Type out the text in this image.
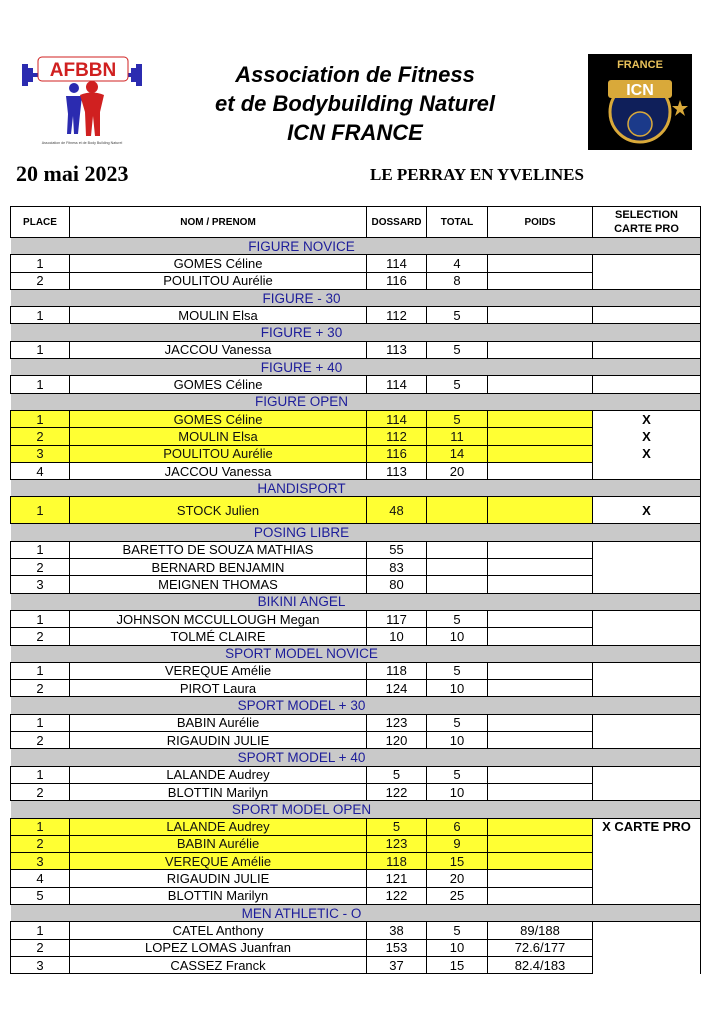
AFBBN
Association de Fitness et de Body Building Naturel
Association de Fitness
et de Bodybuilding Naturel
ICN FRANCE
FRANCE
ICN
20 mai 2023	LE PERRAY EN YVELINES
PLACE	NOM / PRENOM	DOSSARD	TOTAL	POIDS	SELECTION
CARTE PRO
FIGURE NOVICE					
1	GOMES Céline	114	4		
2	POULITOU Aurélie	116	8		
FIGURE - 30					
1	MOULIN Elsa	112	5		
FIGURE + 30					
1	JACCOU Vanessa	113	5		
FIGURE + 40					
1	GOMES Céline	114	5		
FIGURE OPEN					
1	GOMES Céline	114	5		X
2	MOULIN Elsa	112	11		X
3	POULITOU Aurélie	116	14		X
4	JACCOU Vanessa	113	20		
HANDISPORT					
1	STOCK Julien	48			X
POSING LIBRE					
1	BARETTO DE SOUZA MATHIAS	55			
2	BERNARD BENJAMIN	83			
3	MEIGNEN THOMAS	80			
BIKINI ANGEL					
1	JOHNSON MCCULLOUGH Megan	117	5		
2	TOLMÉ CLAIRE	10	10		
SPORT MODEL NOVICE					
1	VEREQUE Amélie	118	5		
2	PIROT Laura	124	10		
SPORT MODEL + 30					
1	BABIN Aurélie	123	5		
2	RIGAUDIN JULIE	120	10		
SPORT MODEL + 40					
1	LALANDE Audrey	5	5		
2	BLOTTIN Marilyn	122	10		
SPORT MODEL OPEN					
1	LALANDE Audrey	5	6		X CARTE PRO
2	BABIN Aurélie	123	9		
3	VEREQUE Amélie	118	15		
4	RIGAUDIN JULIE	121	20		
5	BLOTTIN Marilyn	122	25		
MEN ATHLETIC - O					
1	CATEL Anthony	38	5	89/188	
2	LOPEZ LOMAS Juanfran	153	10	72.6/177	
3	CASSEZ Franck	37	15	82.4/183	
